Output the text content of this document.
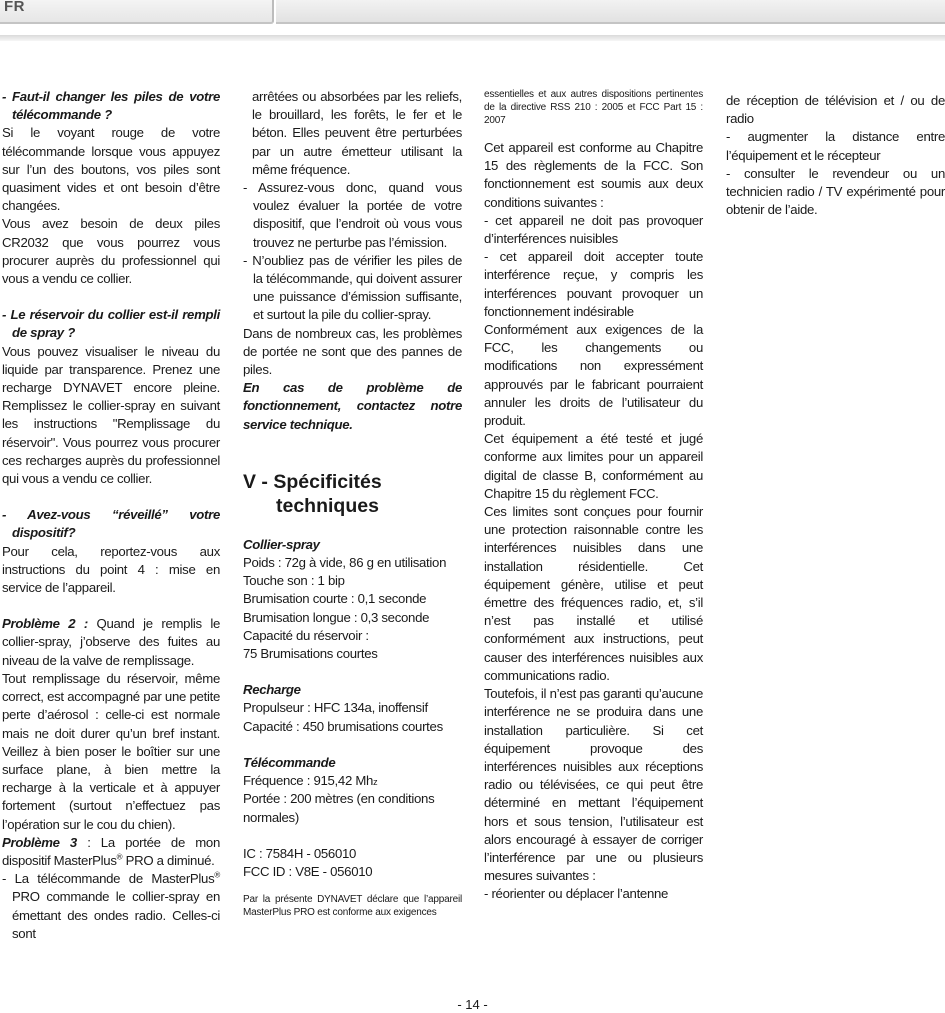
FR

- Faut-il changer les piles de votre télécommande ?

Si le voyant rouge de votre télécommande lorsque vous appuyez sur l’un des boutons, vos piles sont quasiment vides et ont besoin d’être changées.

Vous avez besoin de deux piles CR2032 que vous pourrez vous procurer auprès du professionnel qui vous a vendu ce collier.

- Le réservoir du collier est-il rempli de spray ?

Vous pouvez visualiser le niveau du liquide par transparence. Prenez une recharge DYNAVET encore pleine. Remplissez le collier-spray en suivant les instructions "Remplissage du réservoir". Vous pourrez vous procurer ces recharges auprès du professionnel qui vous a vendu ce collier.

- Avez-vous “réveillé” votre dispositif?

Pour cela, reportez-vous aux instructions du point 4 : mise en service de l’appareil.

Problème 2 : Quand je remplis le collier-spray, j’observe des fuites au niveau de la valve de remplissage.

Tout remplissage du réservoir, même correct, est accompagné par une petite perte d’aérosol : celle-ci est normale mais ne doit durer qu’un bref instant. Veillez à bien poser le boîtier sur une surface plane, à bien mettre la recharge à la verticale et à appuyer fortement (surtout n’effectuez pas l’opération sur le cou du chien).

Problème 3 : La portée de mon dispositif MasterPlus® PRO a diminué.

- La télécommande de MasterPlus® PRO commande le collier-spray en émettant des ondes radio. Celles-ci sont

arrêtées ou absorbées par les reliefs, le brouillard, les forêts, le fer et le béton. Elles peuvent être perturbées par un autre émetteur utilisant la même fréquence.

- Assurez-vous donc, quand vous voulez évaluer la portée de votre dispositif, que l’endroit où vous vous trouvez ne perturbe pas l’émission.

- N’oubliez pas de vérifier les piles de la télécommande, qui doivent assurer une puissance d’émission suffisante, et surtout la pile du collier-spray.

Dans de nombreux cas, les problèmes de portée ne sont que des pannes de piles.

En cas de problème de fonctionnement, contactez notre service technique.

V - Spécificités
techniques

Collier-spray

Poids : 72g à vide, 86 g en utilisation

Touche son : 1 bip

Brumisation courte : 0,1 seconde

Brumisation longue : 0,3 seconde

Capacité du réservoir :

75 Brumisations courtes

Recharge

Propulseur : HFC 134a, inoffensif

Capacité : 450 brumisations courtes

Télécommande

Fréquence : 915,42 Mhz

Portée : 200 mètres (en conditions normales)

IC : 7584H - 056010

FCC ID : V8E - 056010

Par la présente DYNAVET déclare que l’appareil MasterPlus PRO est conforme aux exigences

essentielles et aux autres dispositions pertinentes de la directive RSS 210 : 2005 et FCC Part 15 : 2007

Cet appareil est conforme au Chapitre 15 des règlements de la FCC. Son fonctionnement est soumis aux deux conditions suivantes :

- cet appareil ne doit pas provoquer d’interférences nuisibles

- cet appareil doit accepter toute interférence reçue, y compris les interférences pouvant provoquer un fonctionnement indésirable

Conformément aux exigences de la FCC, les changements ou modifications non expressément approuvés par le fabricant pourraient annuler les droits de l’utilisateur du produit.

Cet équipement a été testé et jugé conforme aux limites pour un appareil digital de classe B, conformément au Chapitre 15 du règlement FCC.

Ces limites sont conçues pour fournir une protection raisonnable contre les interférences nuisibles dans une installation résidentielle. Cet équipement génère, utilise et peut émettre des fréquences radio, et, s’il n’est pas installé et utilisé conformément aux instructions, peut causer des interférences nuisibles aux communications radio.

Toutefois, il n’est pas garanti qu’aucune interférence ne se produira dans une installation particulière. Si cet équipement provoque des interférences nuisibles aux réceptions radio ou télévisées, ce qui peut être déterminé en mettant l’équipement hors et sous tension, l’utilisateur est alors encouragé à essayer de corriger l’interférence par une ou plusieurs mesures suivantes :

- réorienter ou déplacer l’antenne

de réception de télévision et / ou de radio

- augmenter la distance entre l’équipement et le récepteur

- consulter le revendeur ou un technicien radio / TV expérimenté pour obtenir de l’aide.

- 14 -
